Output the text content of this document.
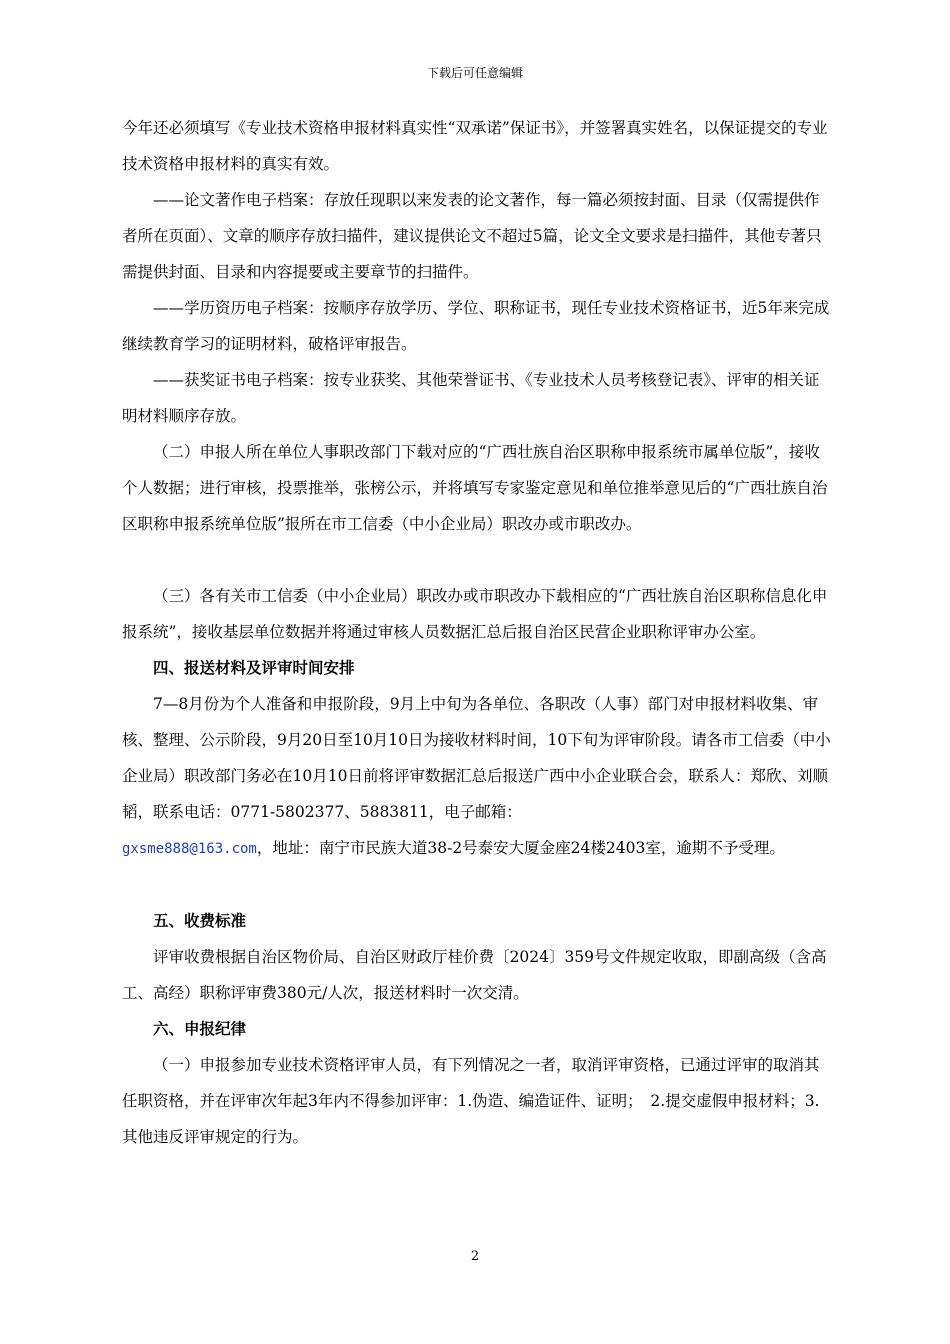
下载后可任意编辑

今年还必须填写《专业技术资格申报材料真实性“双承诺”保证书》，并签署真实姓名，以保证提交的专业技术资格申报材料的真实有效。

——论文著作电子档案：存放任现职以来发表的论文著作，每一篇必须按封面、目录（仅需提供作者所在页面）、文章的顺序存放扫描件，建议提供论文不超过5篇，论文全文要求是扫描件，其他专著只需提供封面、目录和内容提要或主要章节的扫描件。

——学历资历电子档案：按顺序存放学历、学位、职称证书，现任专业技术资格证书，近5年来完成继续教育学习的证明材料，破格评审报告。

——获奖证书电子档案：按专业获奖、其他荣誉证书、《专业技术人员考核登记表》、评审的相关证明材料顺序存放。

（二）申报人所在单位人事职改部门下载对应的“广西壮族自治区职称申报系统市属单位版”，接收个人数据；进行审核，投票推举，张榜公示，并将填写专家鉴定意见和单位推举意见后的“广西壮族自治区职称申报系统单位版”报所在市工信委（中小企业局）职改办或市职改办。

（三）各有关市工信委（中小企业局）职改办或市职改办下载相应的“广西壮族自治区职称信息化申报系统”，接收基层单位数据并将通过审核人员数据汇总后报自治区民营企业职称评审办公室。

四、报送材料及评审时间安排

7—8月份为个人准备和申报阶段，9月上中旬为各单位、各职改（人事）部门对申报材料收集、审核、整理、公示阶段，9月20日至10月10日为接收材料时间，10下旬为评审阶段。请各市工信委（中小企业局）职改部门务必在10月10日前将评审数据汇总后报送广西中小企业联合会，联系人：郑欣、刘顺韬，联系电话：0771-5802377、5883811，电子邮箱：

gxsme888@163.com，地址：南宁市民族大道38-2号泰安大厦金座24楼2403室，逾期不予受理。

五、收费标准

评审收费根据自治区物价局、自治区财政厅桂价费〔2024〕359号文件规定收取，即副高级（含高工、高经）职称评审费380元/人次，报送材料时一次交清。

六、申报纪律

（一）申报参加专业技术资格评审人员，有下列情况之一者，取消评审资格，已通过评审的取消其任职资格，并在评审次年起3年内不得参加评审：1.伪造、编造证件、证明；　2.提交虚假申报材料；3.其他违反评审规定的行为。

2
